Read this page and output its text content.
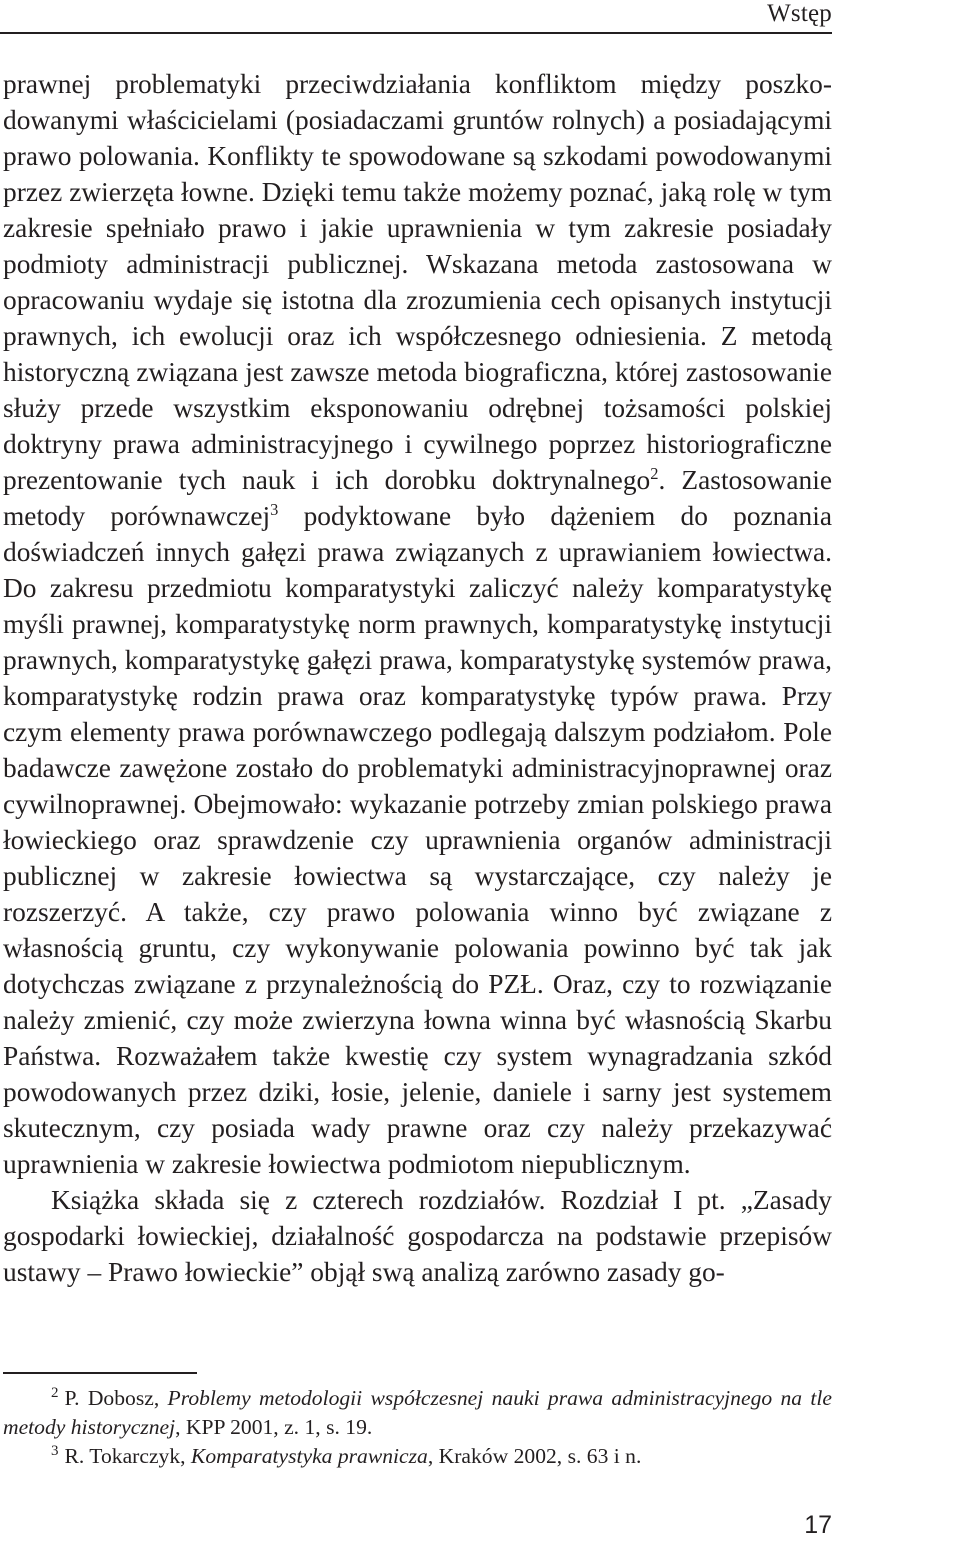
Wstęp

prawnej problematyki przeciwdziałania konfliktom między poszkodowanymi właścicielami (posiadaczami gruntów rolnych) a posiadającymi prawo polowania. Konflikty te spowodowane są szkodami powodowanymi przez zwierzęta łowne. Dzięki temu także możemy poznać, jaką rolę w tym zakresie spełniało prawo i jakie uprawnienia w tym zakresie posiadały podmioty administracji publicznej. Wskazana metoda zastosowana w opracowaniu wydaje się istotna dla zrozumienia cech opisanych instytucji prawnych, ich ewolucji oraz ich współczesnego odniesienia. Z metodą historyczną związana jest zawsze metoda biograficzna, której zastosowanie służy przede wszystkim eksponowaniu odrębnej tożsamości polskiej doktryny prawa administracyjnego i cywilnego poprzez historiograficzne prezentowanie tych nauk i ich dorobku doktrynalnego$^2$. Zastosowanie metody porównawczej$^3$ podyktowane było dążeniem do poznania doświadczeń innych gałęzi prawa związanych z uprawianiem łowiectwa. Do zakresu przedmiotu komparatystyki zaliczyć należy komparatystykę myśli prawnej, komparatystykę norm prawnych, komparatystykę instytucji prawnych, komparatystykę gałęzi prawa, komparatystykę systemów prawa, komparatystykę rodzin prawa oraz komparatystykę typów prawa. Przy czym elementy prawa porównawczego podlegają dalszym podziałom. Pole badawcze zawężone zostało do problematyki administracyjnoprawnej oraz cywilnoprawnej. Obejmowało: wykazanie potrzeby zmian polskiego prawa łowieckiego oraz sprawdzenie czy uprawnienia organów administracji publicznej w zakresie łowiectwa są wystarczające, czy należy je rozszerzyć. A także, czy prawo polowania winno być związane z własnością gruntu, czy wykonywanie polowania powinno być tak jak dotychczas związane z przynależnością do PZŁ. Oraz, czy to rozwiązanie należy zmienić, czy może zwierzyna łowna winna być własnością Skarbu Państwa. Rozważałem także kwestię czy system wynagradzania szkód powodowanych przez dziki, łosie, jelenie, daniele i sarny jest systemem skutecznym, czy posiada wady prawne oraz czy należy przekazywać uprawnienia w zakresie łowiectwa podmiotom niepublicznym.

Książka składa się z czterech rozdziałów. Rozdział I pt. „Zasady gospodarki łowieckiej, działalność gospodarcza na podstawie przepisów ustawy – Prawo łowieckie” objął swą analizą zarówno zasady go-

$^2$ P. Dobosz, Problemy metodologii współczesnej nauki prawa administracyjnego na tle metody historycznej, KPP 2001, z. 1, s. 19.

$^3$ R. Tokarczyk, Komparatystyka prawnicza, Kraków 2002, s. 63 i n.

17
